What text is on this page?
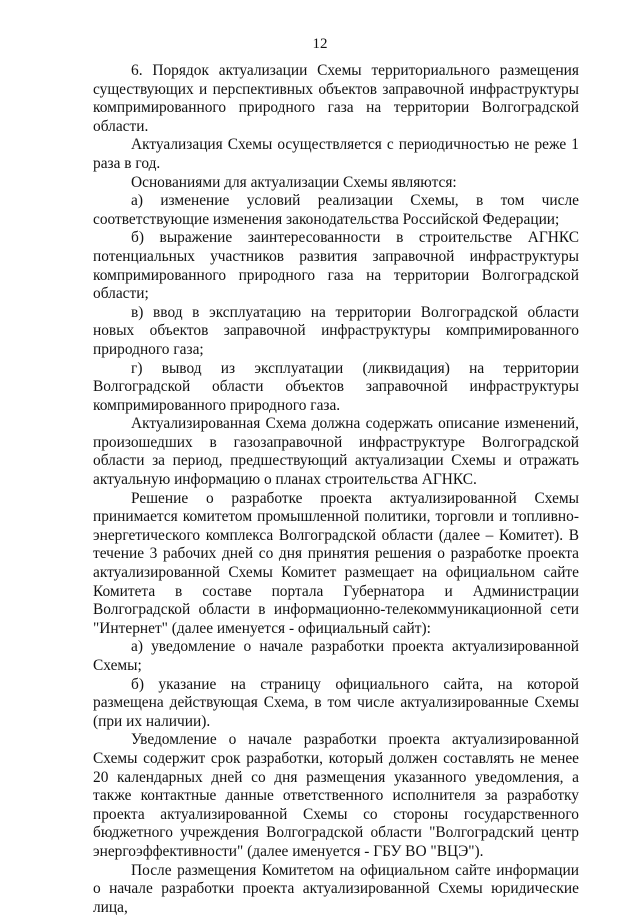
12

6. Порядок актуализации Схемы территориального размещения существующих и перспективных объектов заправочной инфраструктуры компримированного природного газа на территории Волгоградской области.

Актуализация Схемы осуществляется с периодичностью не реже 1 раза в год.

Основаниями для актуализации Схемы являются:

а) изменение условий реализации Схемы, в том числе соответствующие изменения законодательства Российской Федерации;

б) выражение заинтересованности в строительстве АГНКС потенциальных участников развития заправочной инфраструктуры компримированного природного газа на территории Волгоградской области;

в) ввод в эксплуатацию на территории Волгоградской области новых объектов заправочной инфраструктуры компримированного природного газа;

г) вывод из эксплуатации (ликвидация) на территории Волгоградской области объектов заправочной инфраструктуры компримированного природного газа.

Актуализированная Схема должна содержать описание изменений, произошедших в газозаправочной инфраструктуре Волгоградской области за период, предшествующий актуализации Схемы и отражать актуальную информацию о планах строительства АГНКС.

Решение о разработке проекта актуализированной Схемы принимается комитетом промышленной политики, торговли и топливно-энергетического комплекса Волгоградской области (далее – Комитет). В течение 3 рабочих дней со дня принятия решения о разработке проекта актуализированной Схемы Комитет размещает на официальном сайте Комитета в составе портала Губернатора и Администрации Волгоградской области в информационно-телекоммуникационной сети "Интернет" (далее именуется - официальный сайт):

а) уведомление о начале разработки проекта актуализированной Схемы;

б) указание на страницу официального сайта, на которой размещена действующая Схема, в том числе актуализированные Схемы (при их наличии).

Уведомление о начале разработки проекта актуализированной Схемы содержит срок разработки, который должен составлять не менее 20 календарных дней со дня размещения указанного уведомления, а также контактные данные ответственного исполнителя за разработку проекта актуализированной Схемы со стороны государственного бюджетного учреждения Волгоградской области "Волгоградский центр энергоэффективности" (далее именуется - ГБУ ВО "ВЦЭ").

После размещения Комитетом на официальном сайте информации о начале разработки проекта актуализированной Схемы юридические лица,
